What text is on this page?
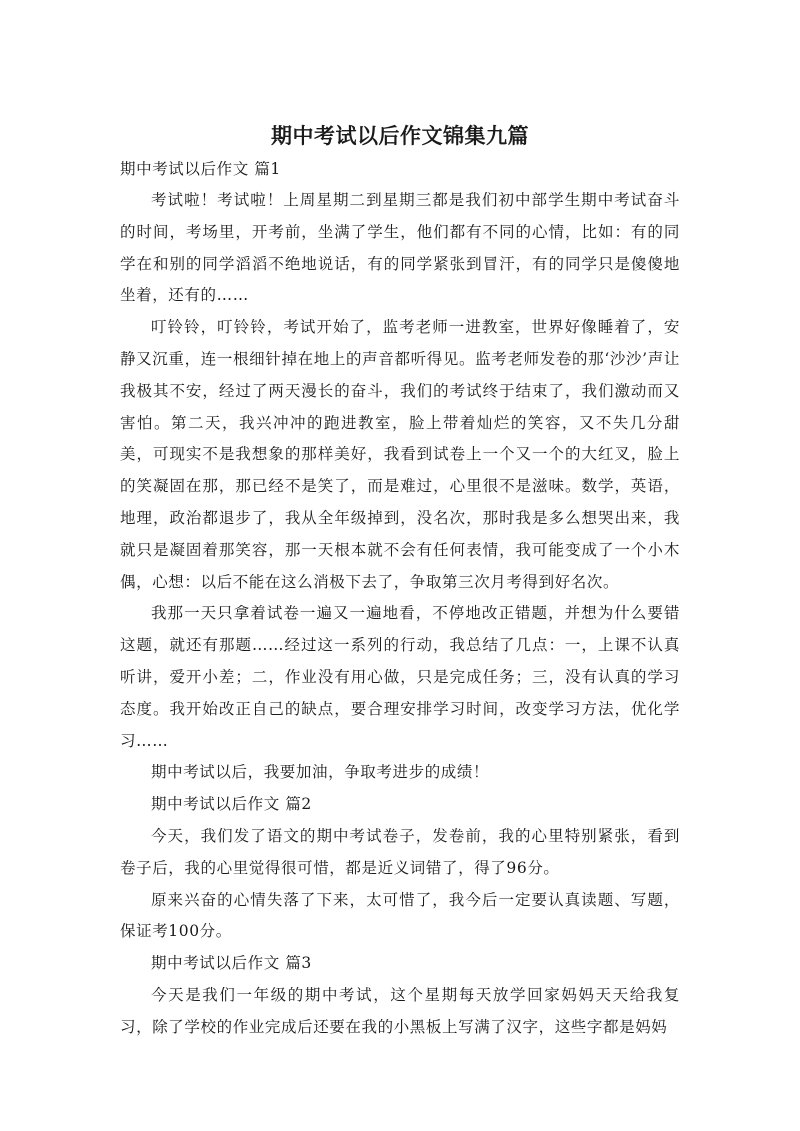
期中考试以后作文锦集九篇

期中考试以后作文 篇1

考试啦！考试啦！上周星期二到星期三都是我们初中部学生期中考试奋斗的时间，考场里，开考前，坐满了学生，他们都有不同的心情，比如：有的同学在和别的同学滔滔不绝地说话，有的同学紧张到冒汗，有的同学只是傻傻地坐着，还有的……

叮铃铃，叮铃铃，考试开始了，监考老师一进教室，世界好像睡着了，安静又沉重，连一根细针掉在地上的声音都听得见。监考老师发卷的那‘沙沙’声让我极其不安，经过了两天漫长的奋斗，我们的考试终于结束了，我们激动而又害怕。第二天，我兴冲冲的跑进教室，脸上带着灿烂的笑容，又不失几分甜美，可现实不是我想象的那样美好，我看到试卷上一个又一个的大红叉，脸上的笑凝固在那，那已经不是笑了，而是难过，心里很不是滋味。数学，英语，地理，政治都退步了，我从全年级掉到，没名次，那时我是多么想哭出来，我就只是凝固着那笑容，那一天根本就不会有任何表情，我可能变成了一个小木偶，心想：以后不能在这么消极下去了，争取第三次月考得到好名次。

我那一天只拿着试卷一遍又一遍地看，不停地改正错题，并想为什么要错这题，就还有那题……经过这一系列的行动，我总结了几点：一，上课不认真听讲，爱开小差；二，作业没有用心做，只是完成任务；三，没有认真的学习态度。我开始改正自己的缺点，要合理安排学习时间，改变学习方法，优化学习……

期中考试以后，我要加油，争取考进步的成绩！

期中考试以后作文 篇2

今天，我们发了语文的期中考试卷子，发卷前，我的心里特别紧张，看到卷子后，我的心里觉得很可惜，都是近义词错了，得了96分。

原来兴奋的心情失落了下来，太可惜了，我今后一定要认真读题、写题，保证考100分。

期中考试以后作文 篇3

今天是我们一年级的期中考试，这个星期每天放学回家妈妈天天给我复习，除了学校的作业完成后还要在我的小黑板上写满了汉字，这些字都是妈妈
